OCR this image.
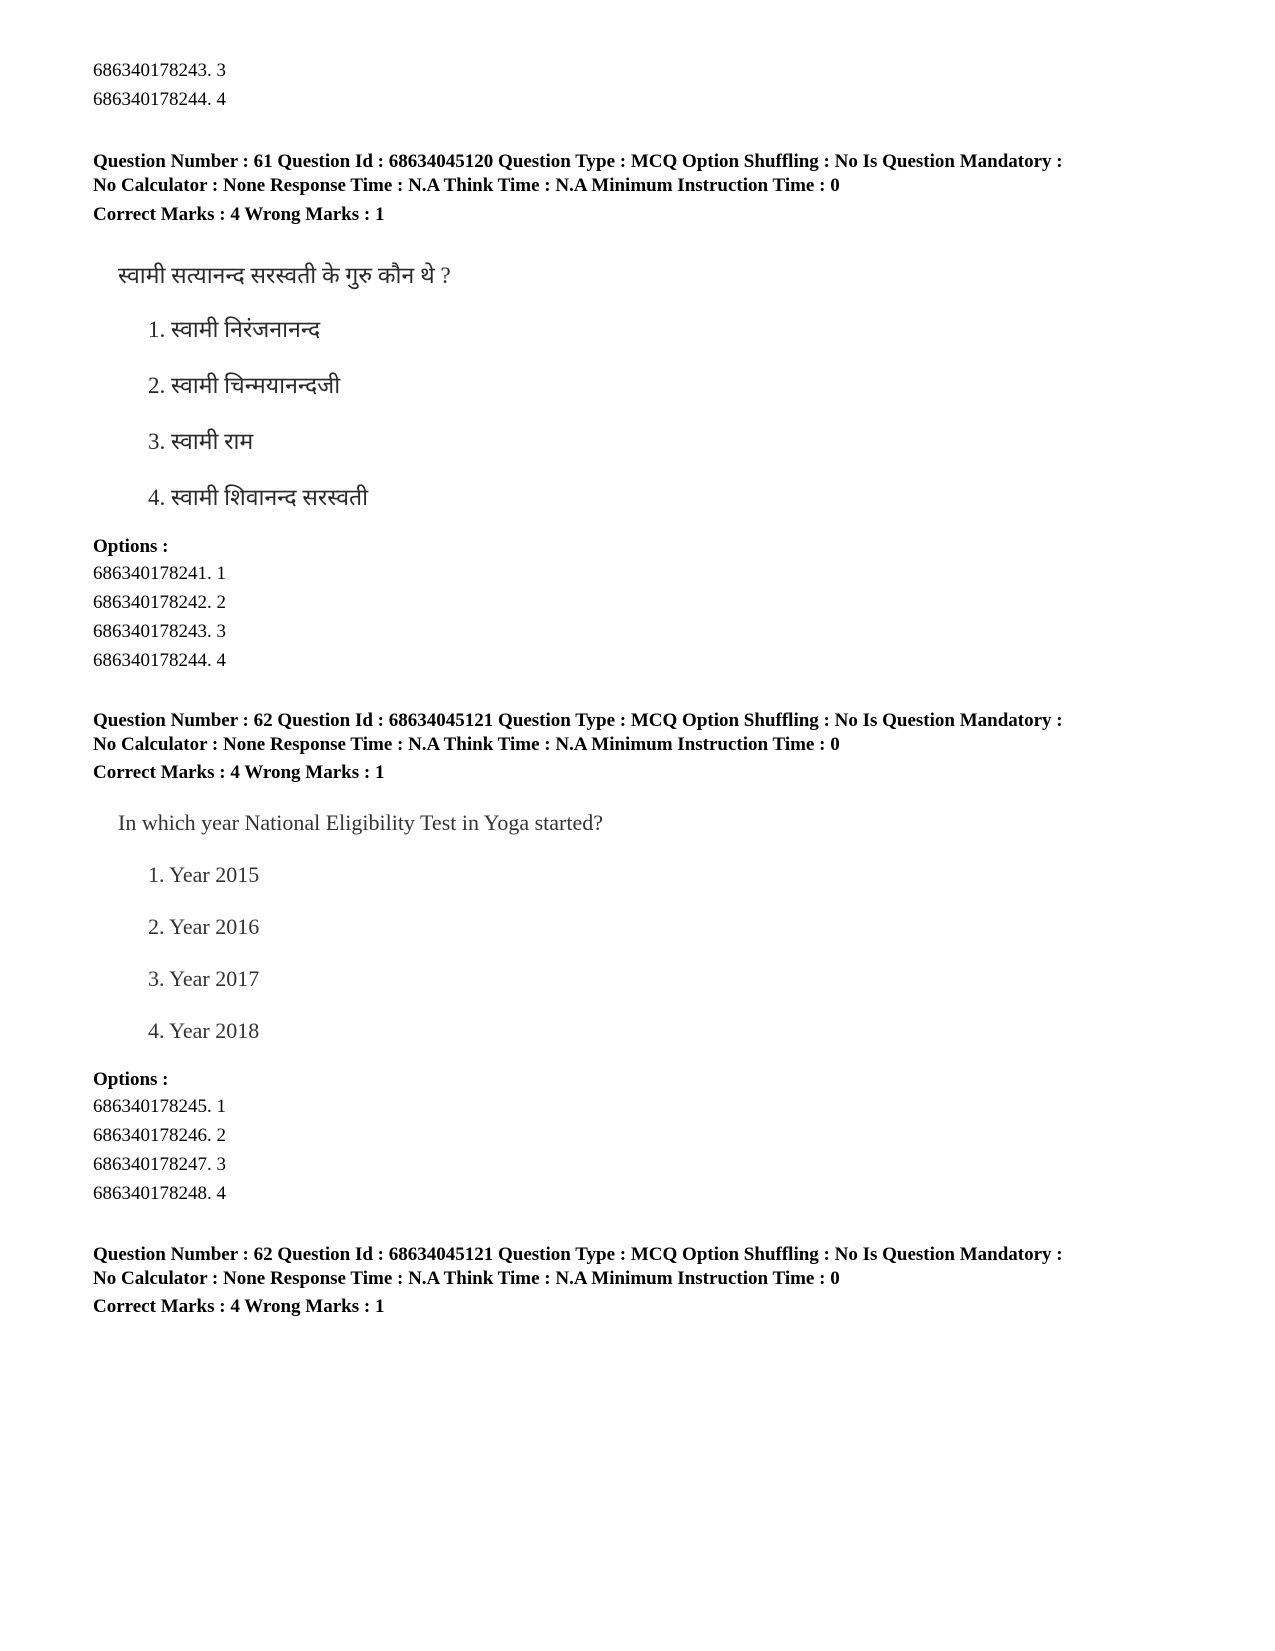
686340178243. 3
686340178244. 4
Question Number : 61 Question Id : 68634045120 Question Type : MCQ Option Shuffling : No Is Question Mandatory :
No Calculator : None Response Time : N.A Think Time : N.A Minimum Instruction Time : 0
Correct Marks : 4 Wrong Marks : 1
स्वामी सत्यानन्द सरस्वती के गुरु कौन थे ?
1. स्वामी निरंजनानन्द
2. स्वामी चिन्मयानन्दजी
3. स्वामी राम
4. स्वामी शिवानन्द सरस्वती
Options :
686340178241. 1
686340178242. 2
686340178243. 3
686340178244. 4
Question Number : 62 Question Id : 68634045121 Question Type : MCQ Option Shuffling : No Is Question Mandatory :
No Calculator : None Response Time : N.A Think Time : N.A Minimum Instruction Time : 0
Correct Marks : 4 Wrong Marks : 1
In which year National Eligibility Test in Yoga started?
1. Year 2015
2. Year 2016
3. Year 2017
4. Year 2018
Options :
686340178245. 1
686340178246. 2
686340178247. 3
686340178248. 4
Question Number : 62 Question Id : 68634045121 Question Type : MCQ Option Shuffling : No Is Question Mandatory :
No Calculator : None Response Time : N.A Think Time : N.A Minimum Instruction Time : 0
Correct Marks : 4 Wrong Marks : 1
